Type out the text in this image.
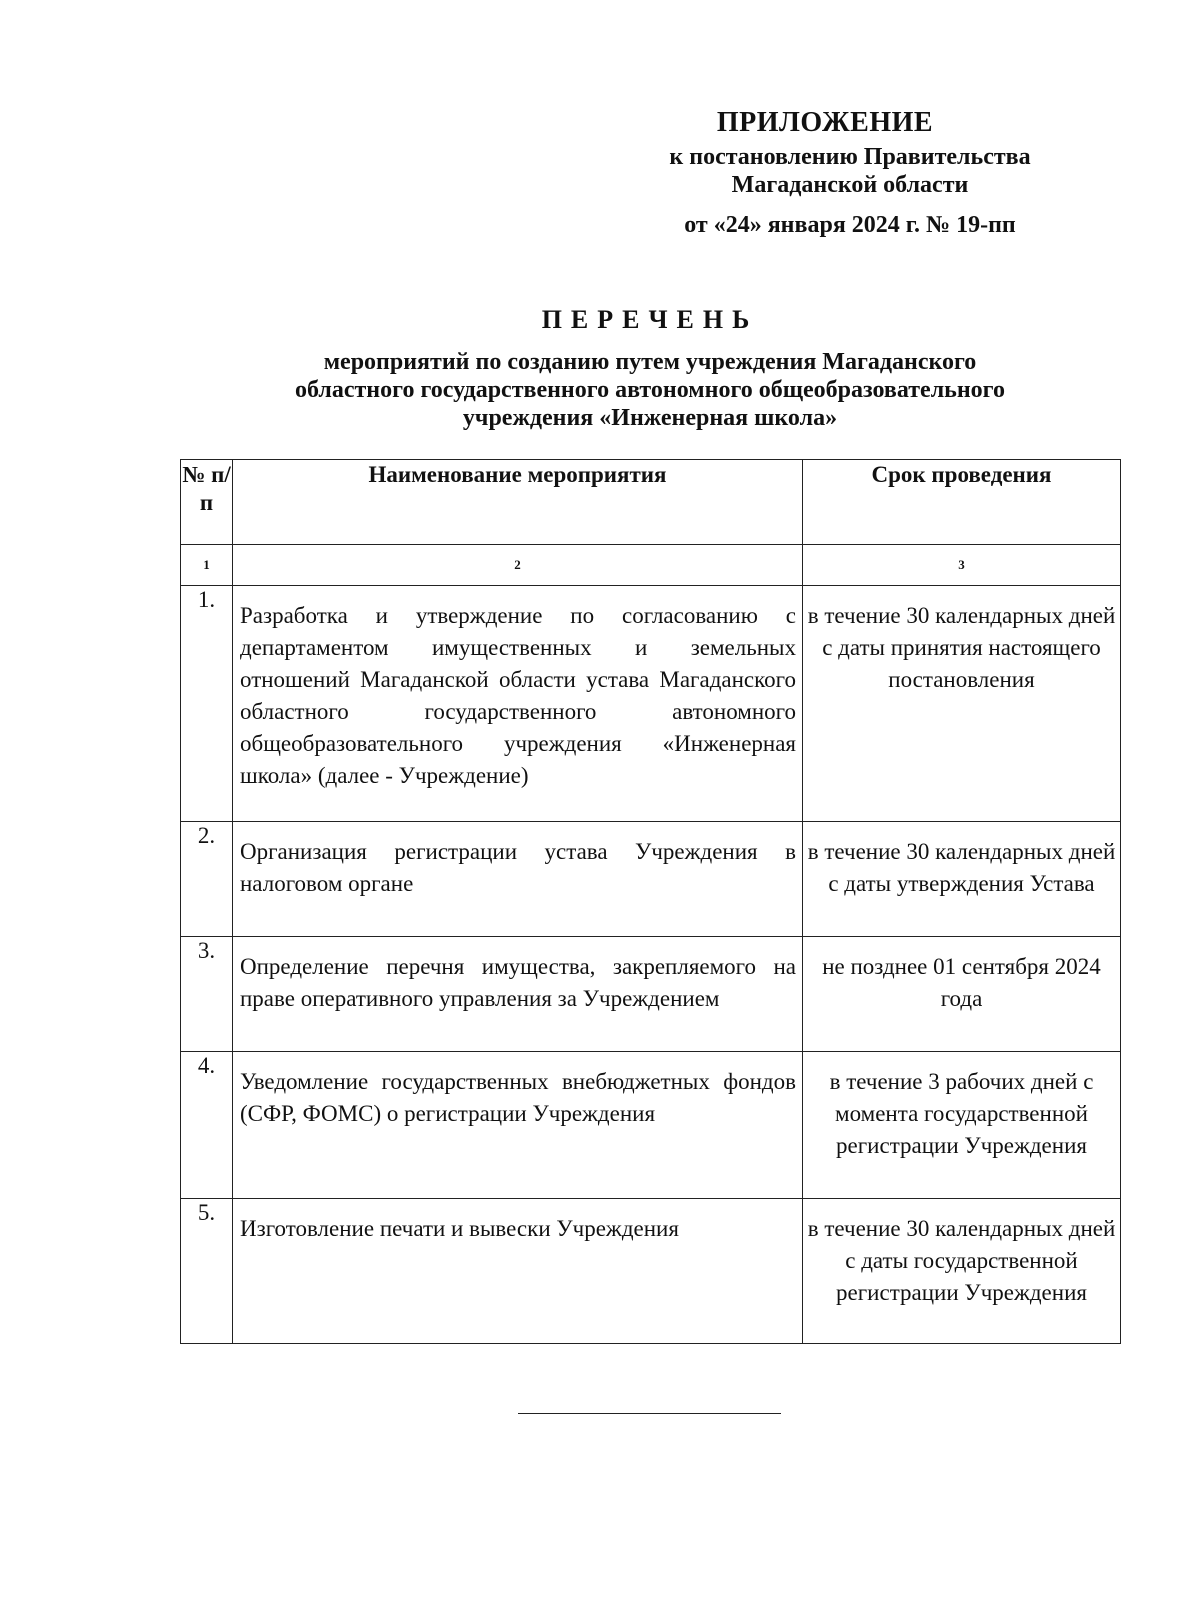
ПРИЛОЖЕНИЕ
к постановлению Правительства
Магаданской области
от «24» января 2024 г. № 19-пп
ПЕРЕЧЕНЬ
мероприятий по созданию путем учреждения Магаданского
областного государственного автономного общеобразовательного
учреждения «Инженерная школа»
№ п/п	Наименование мероприятия	Срок проведения
1	2	3
1.	Разработка и утверждение по согласованию с департаментом имущественных и земельных отношений Магаданской области устава Магаданского областного государственного автономного общеобразовательного учреждения «Инженерная школа» (далее - Учреждение)	в течение 30 календарных дней с даты принятия настоящего постановления
2.	Организация регистрации устава Учреждения в налоговом органе	в течение 30 календарных дней с даты утверждения Устава
3.	Определение перечня имущества, закрепляемого на праве оперативного управления за Учреждением	не позднее 01 сентября 2024 года
4.	Уведомление государственных внебюджетных фондов (СФР, ФОМС) о регистрации Учреждения	в течение 3 рабочих дней с момента государственной регистрации Учреждения
5.	Изготовление печати и вывески Учреждения	в течение 30 календарных дней с даты государственной регистрации Учреждения
